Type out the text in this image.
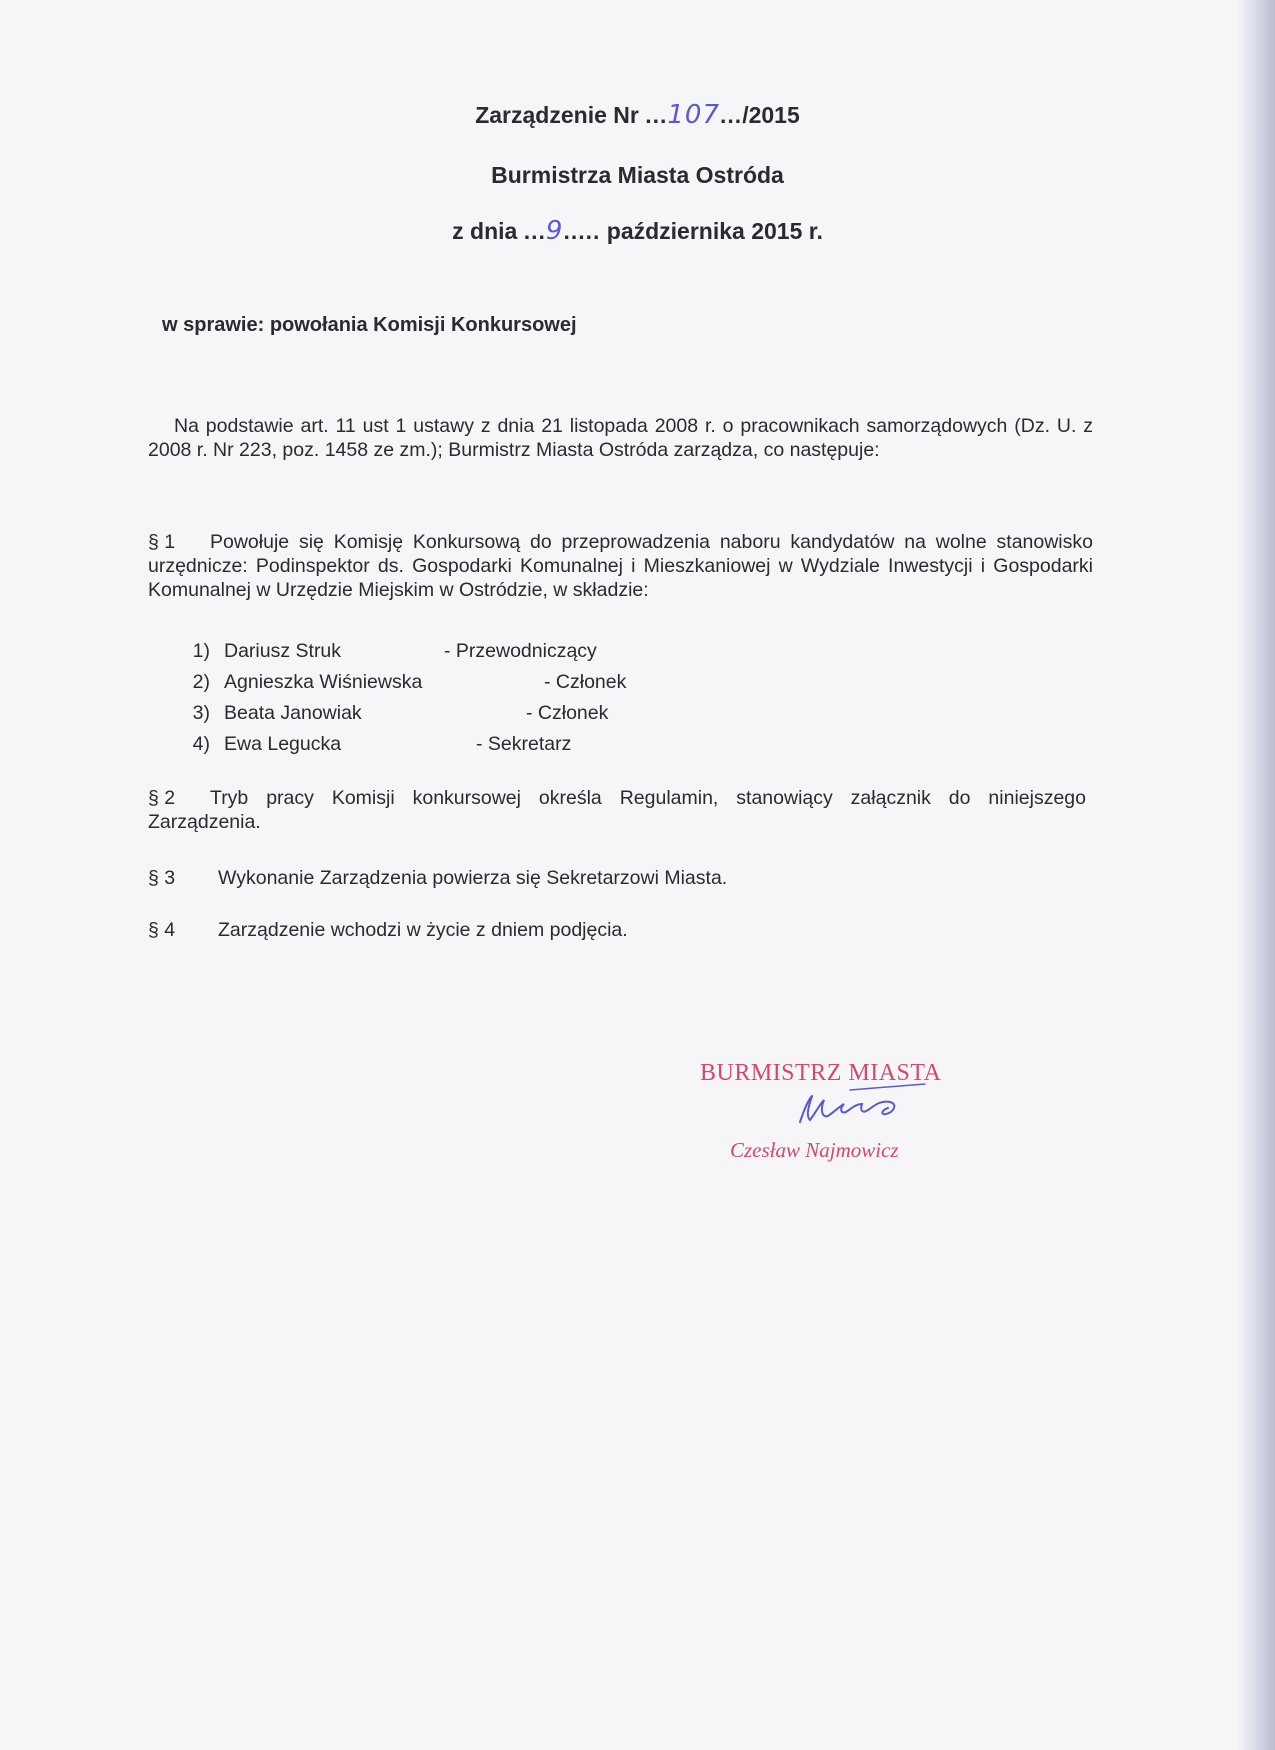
Zarządzenie Nr ...107.../2015
Burmistrza Miasta Ostróda
z dnia ...9..... października 2015 r.
w sprawie: powołania Komisji Konkursowej
Na podstawie art. 11 ust 1 ustawy z dnia 21 listopada 2008 r. o pracownikach samorządowych (Dz. U. z 2008 r. Nr 223, poz. 1458 ze zm.); Burmistrz Miasta Ostróda zarządza, co następuje:
§ 1 Powołuje się Komisję Konkursową do przeprowadzenia naboru kandydatów na wolne stanowisko urzędnicze: Podinspektor ds. Gospodarki Komunalnej i Mieszkaniowej w Wydziale Inwestycji i Gospodarki Komunalnej w Urzędzie Miejskim w Ostródzie, w składzie:
1) Dariusz Struk	- Przewodniczący
2) Agnieszka Wiśniewska	- Członek
3) Beata Janowiak	- Członek
4) Ewa Legucka	- Sekretarz
§ 2 Tryb pracy Komisji konkursowej określa Regulamin, stanowiący załącznik do niniejszego Zarządzenia.
§ 3 Wykonanie Zarządzenia powierza się Sekretarzowi Miasta.
§ 4 Zarządzenie wchodzi w życie z dniem podjęcia.
BURMISTRZ MIASTA
Czesław Najmowicz
